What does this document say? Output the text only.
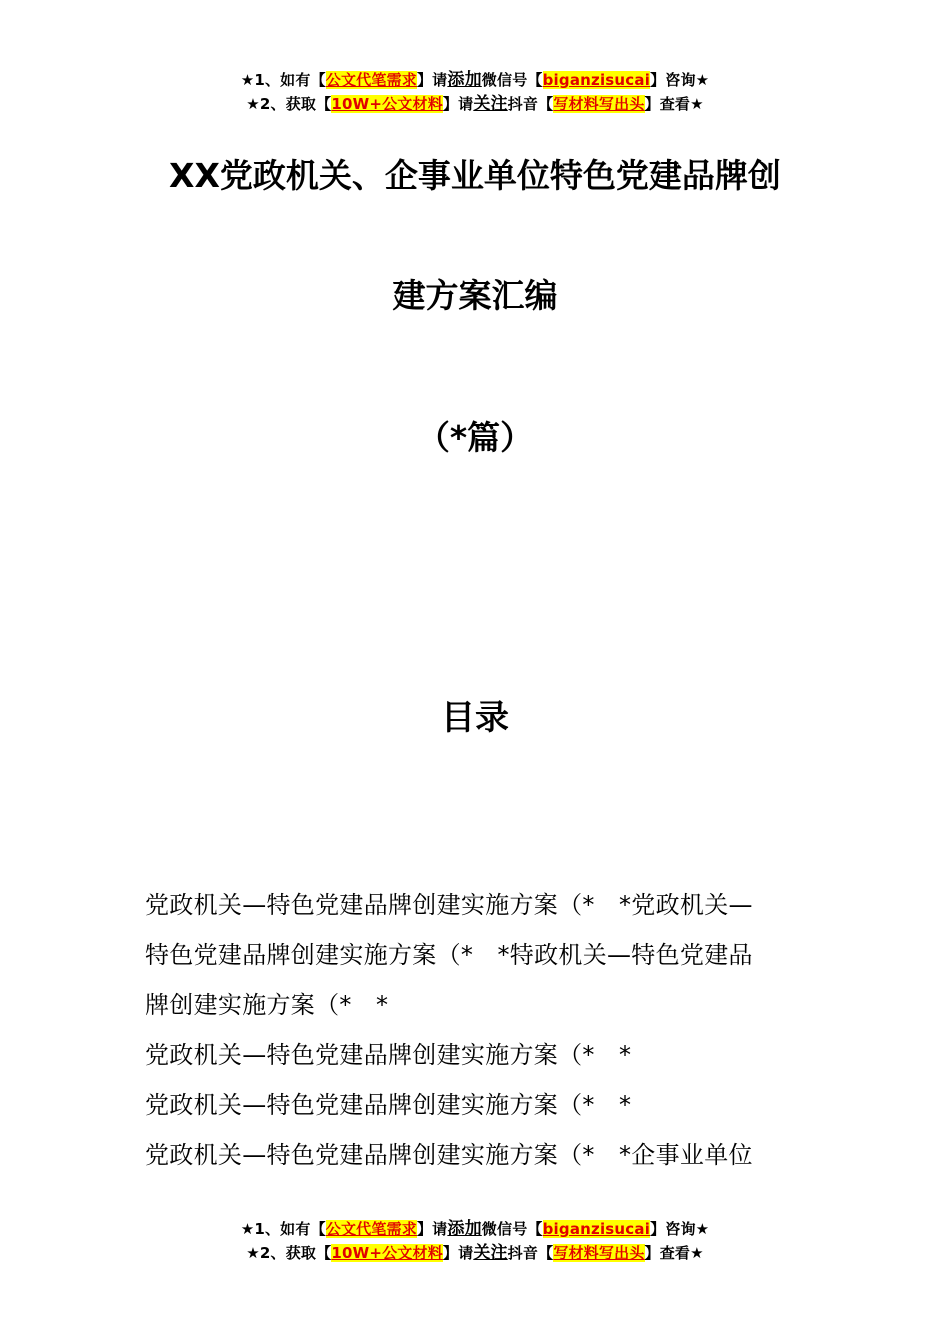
★1、如有【公文代笔需求】请添加微信号【biganzisucai】咨询★
★2、获取【10W+公文材料】请关注抖音【写材料写出头】查看★
XX党政机关、企事业单位特色党建品牌创
建方案汇编
（*篇）
目录
党政机关—特色党建品牌创建实施方案（*　*党政机关—
特色党建品牌创建实施方案（*　*特政机关—特色党建品
牌创建实施方案（*　*
党政机关—特色党建品牌创建实施方案（*　*
党政机关—特色党建品牌创建实施方案（*　*
党政机关—特色党建品牌创建实施方案（*　*企事业单位
★1、如有【公文代笔需求】请添加微信号【biganzisucai】咨询★
★2、获取【10W+公文材料】请关注抖音【写材料写出头】查看★
